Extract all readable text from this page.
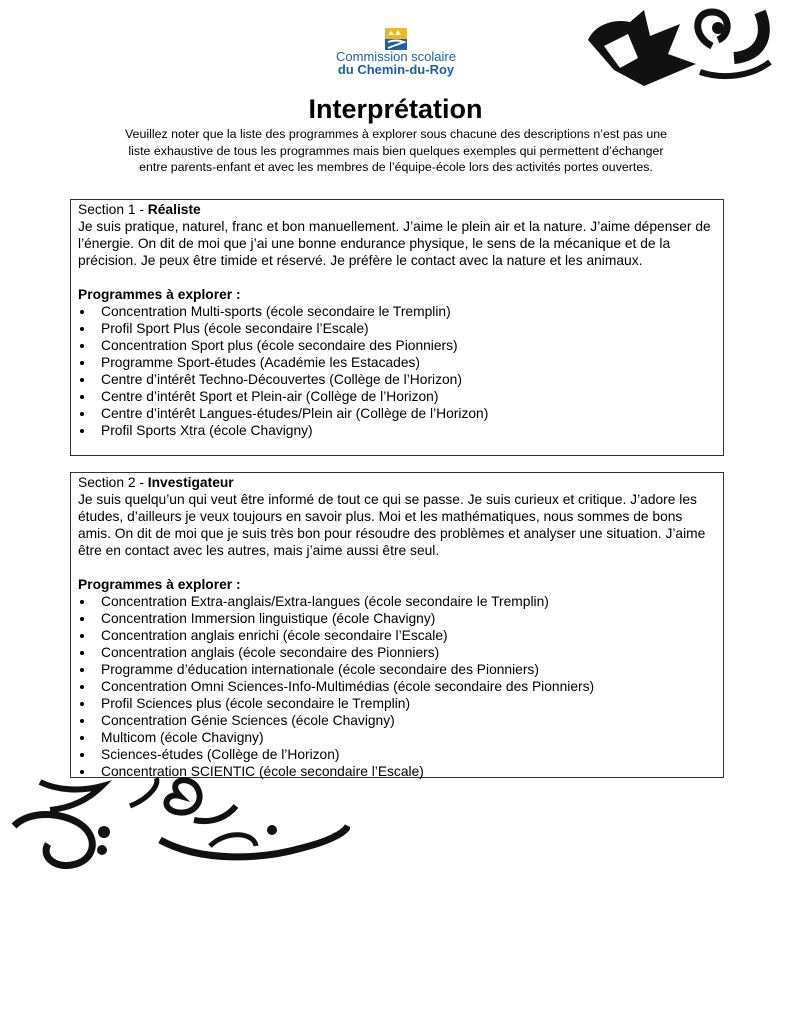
Commission scolaire
du Chemin-du-Roy
Interprétation

Veuillez noter que la liste des programmes à explorer sous chacune des descriptions n’est pas une liste exhaustive de tous les programmes mais bien quelques exemples qui permettent d’échanger entre parents-enfant et avec les membres de l’équipe-école lors des activités portes ouvertes.

Section 1 - Réaliste

Je suis pratique, naturel, franc et bon manuellement. J’aime le plein air et la nature. J’aime dépenser de l’énergie. On dit de moi que j’ai une bonne endurance physique, le sens de la mécanique et de la précision. Je peux être timide et réservé. Je préfère le contact avec la nature et les animaux.

Programmes à explorer :

Concentration Multi-sports (école secondaire le Tremplin)
Profil Sport Plus (école secondaire l’Escale)
Concentration Sport plus (école secondaire des Pionniers)
Programme Sport-études (Académie les Estacades)
Centre d’intérêt Techno-Découvertes (Collège de l’Horizon)
Centre d’intérêt Sport et Plein-air (Collège de l’Horizon)
Centre d’intérêt Langues-études/Plein air (Collège de l’Horizon)
Profil Sports Xtra (école Chavigny)

Section 2 - Investigateur

Je suis quelqu’un qui veut être informé de tout ce qui se passe. Je suis curieux et critique. J’adore les études, d’ailleurs je veux toujours en savoir plus. Moi et les mathématiques, nous sommes de bons amis. On dit de moi que je suis très bon pour résoudre des problèmes et analyser une situation. J’aime être en contact avec les autres, mais j’aime aussi être seul.

Programmes à explorer :

Concentration Extra-anglais/Extra-langues (école secondaire le Tremplin)
Concentration Immersion linguistique (école Chavigny)
Concentration anglais enrichi (école secondaire l’Escale)
Concentration anglais (école secondaire des Pionniers)
Programme d’éducation internationale (école secondaire des Pionniers)
Concentration Omni Sciences-Info-Multimédias (école secondaire des Pionniers)
Profil Sciences plus (école secondaire le Tremplin)
Concentration Génie Sciences (école Chavigny)
Multicom (école Chavigny)
Sciences-études (Collège de l’Horizon)
Concentration SCIENTIC (école secondaire l’Escale)
